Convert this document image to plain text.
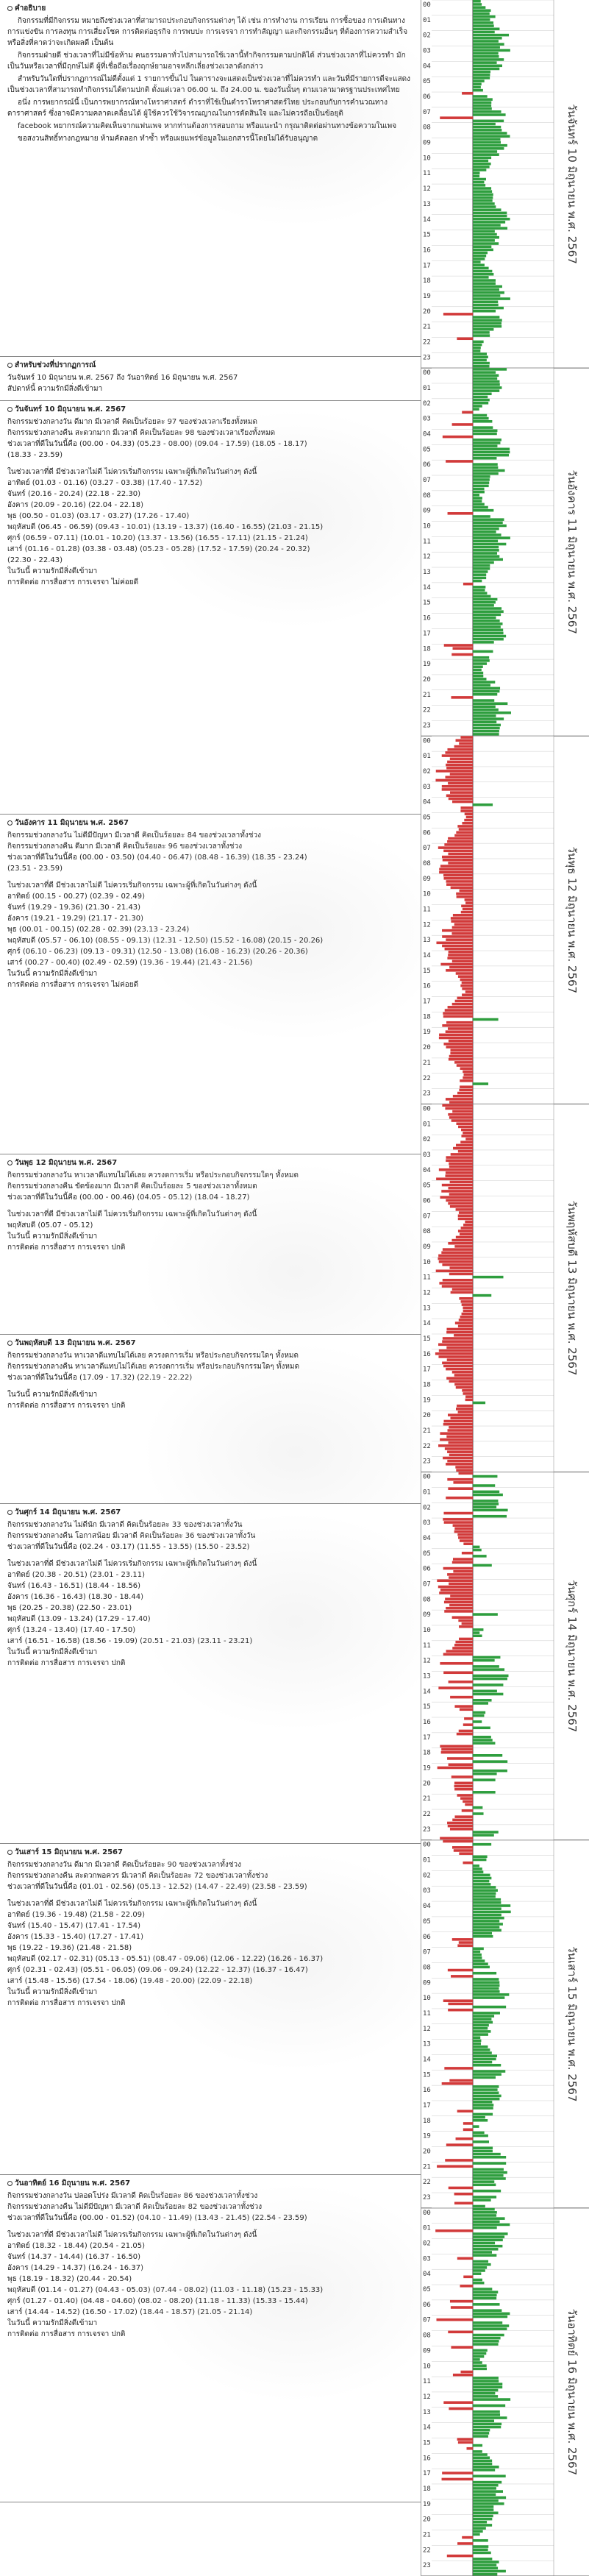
คำอธิบาย

กิจกรรมที่มีกิจกรรม หมายถึงช่วงเวลาที่สามารถประกอบกิจกรรมต่างๆ ได้ เช่น การทำงาน การเรียน การซื้อของ การเดินทาง การแข่งขัน การลงทุน การเสี่ยงโชค การติดต่อธุรกิจ การพบปะ การเจรจา การทำสัญญา และกิจกรรมอื่นๆ ที่ต้องการความสำเร็จ หรือสิ่งที่คาดว่าจะเกิดผลดี เป็นต้น

กิจกรรมฝ่ายดี ช่วงเวลาที่ไม่มีข้อห้าม คนธรรมดาทั่วไปสามารถใช้เวลานี้ทำกิจกรรมตามปกติได้ ส่วนช่วงเวลาที่ไม่ควรทำ มักเป็นวันหรือเวลาที่มีฤกษ์ไม่ดี ผู้ที่เชื่อถือเรื่องฤกษ์ยามอาจหลีกเลี่ยงช่วงเวลาดังกล่าว

สำหรับวันใดที่ปรากฏการณ์ไม่ดีตั้งแต่ 1 รายการขึ้นไป ในตารางจะแสดงเป็นช่วงเวลาที่ไม่ควรทำ และวันที่มีรายการดีจะแสดงเป็นช่วงเวลาที่สามารถทำกิจกรรมได้ตามปกติ ตั้งแต่เวลา 06.00 น. ถึง 24.00 น. ของวันนั้นๆ ตามเวลามาตรฐานประเทศไทย

อนึ่ง การพยากรณ์นี้ เป็นการพยากรณ์ทางโหราศาสตร์ ตำราที่ใช้เป็นตำราโหราศาสตร์ไทย ประกอบกับการคำนวณทางดาราศาสตร์ ซึ่งอาจมีความคลาดเคลื่อนได้ ผู้ใช้ควรใช้วิจารณญาณในการตัดสินใจ และไม่ควรถือเป็นข้อยุติ

facebook พยากรณ์ความคิดเห็นจากแฟนเพจ หากท่านต้องการสอบถาม หรือแนะนำ กรุณาติดต่อผ่านทางข้อความในเพจ

ขอสงวนสิทธิ์ทางกฎหมาย ห้ามคัดลอก ทำซ้ำ หรือเผยแพร่ข้อมูลในเอกสารนี้โดยไม่ได้รับอนุญาต

สำหรับช่วงที่ปรากฏการณ์

วันจันทร์ 10 มิถุนายน พ.ศ. 2567 ถึง วันอาทิตย์ 16 มิถุนายน พ.ศ. 2567

สัปดาห์นี้ ความรักมีสิ่งดีเข้ามา

วันจันทร์ 10 มิถุนายน พ.ศ. 2567

กิจกรรมช่วงกลางวัน ดีมาก มีเวลาดี คิดเป็นร้อยละ 97 ของช่วงเวลาเรียงทั้งหมด

กิจกรรมช่วงกลางคืน สะดวกมาก มีเวลาดี คิดเป็นร้อยละ 98 ของช่วงเวลาเรียงทั้งหมด

ช่วงเวลาที่ดีในวันนี้คือ (00.00 - 04.33) (05.23 - 08.00) (09.04 - 17.59) (18.05 - 18.17)

(18.33 - 23.59)

ในช่วงเวลาที่ดี มีช่วงเวลาไม่ดี ไม่ควรเริ่มกิจกรรม เฉพาะผู้ที่เกิดในวันต่างๆ ดังนี้

อาทิตย์ (01.03 - 01.16) (03.27 - 03.38) (17.40 - 17.52)

จันทร์ (20.16 - 20.24) (22.18 - 22.30)

อังคาร (20.09 - 20.16) (22.04 - 22.18)

พุธ (00.50 - 01.03) (03.17 - 03.27) (17.26 - 17.40)

พฤหัสบดี (06.45 - 06.59) (09.43 - 10.01) (13.19 - 13.37) (16.40 - 16.55) (21.03 - 21.15)

ศุกร์ (06.59 - 07.11) (10.01 - 10.20) (13.37 - 13.56) (16.55 - 17.11) (21.15 - 21.24)

เสาร์ (01.16 - 01.28) (03.38 - 03.48) (05.23 - 05.28) (17.52 - 17.59) (20.24 - 20.32)

(22.30 - 22.43)

ในวันนี้ ความรักมีสิ่งดีเข้ามา

การติดต่อ การสื่อสาร การเจรจา ไม่ค่อยดี

วันอังคาร 11 มิถุนายน พ.ศ. 2567

กิจกรรมช่วงกลางวัน ไม่ดีมีปัญหา มีเวลาดี คิดเป็นร้อยละ 84 ของช่วงเวลาทั้งช่วง

กิจกรรมช่วงกลางคืน ดีมาก มีเวลาดี คิดเป็นร้อยละ 96 ของช่วงเวลาทั้งช่วง

ช่วงเวลาที่ดีในวันนี้คือ (00.00 - 03.50) (04.40 - 06.47) (08.48 - 16.39) (18.35 - 23.24)

(23.51 - 23.59)

ในช่วงเวลาที่ดี มีช่วงเวลาไม่ดี ไม่ควรเริ่มกิจกรรม เฉพาะผู้ที่เกิดในวันต่างๆ ดังนี้

อาทิตย์ (00.15 - 00.27) (02.39 - 02.49)

จันทร์ (19.29 - 19.36) (21.30 - 21.43)

อังคาร (19.21 - 19.29) (21.17 - 21.30)

พุธ (00.01 - 00.15) (02.28 - 02.39) (23.13 - 23.24)

พฤหัสบดี (05.57 - 06.10) (08.55 - 09.13) (12.31 - 12.50) (15.52 - 16.08) (20.15 - 20.26)

ศุกร์ (06.10 - 06.23) (09.13 - 09.31) (12.50 - 13.08) (16.08 - 16.23) (20.26 - 20.36)

เสาร์ (00.27 - 00.40) (02.49 - 02.59) (19.36 - 19.44) (21.43 - 21.56)

ในวันนี้ ความรักมีสิ่งดีเข้ามา

การติดต่อ การสื่อสาร การเจรจา ไม่ค่อยดี

วันพุธ 12 มิถุนายน พ.ศ. 2567

กิจกรรมช่วงกลางวัน หาเวลาดีแทบไม่ได้เลย ควรงดการเริ่ม หรือประกอบกิจกรรมใดๆ ทั้งหมด

กิจกรรมช่วงกลางคืน ขัดข้องมาก มีเวลาดี คิดเป็นร้อยละ 5 ของช่วงเวลาทั้งหมด

ช่วงเวลาที่ดีในวันนี้คือ (00.00 - 00.46) (04.05 - 05.12) (18.04 - 18.27)

ในช่วงเวลาที่ดี มีช่วงเวลาไม่ดี ไม่ควรเริ่มกิจกรรม เฉพาะผู้ที่เกิดในวันต่างๆ ดังนี้

พฤหัสบดี (05.07 - 05.12)

ในวันนี้ ความรักมีสิ่งดีเข้ามา

การติดต่อ การสื่อสาร การเจรจา ปกติ

วันพฤหัสบดี 13 มิถุนายน พ.ศ. 2567

กิจกรรมช่วงกลางวัน หาเวลาดีแทบไม่ได้เลย ควรงดการเริ่ม หรือประกอบกิจกรรมใดๆ ทั้งหมด

กิจกรรมช่วงกลางคืน หาเวลาดีแทบไม่ได้เลย ควรงดการเริ่ม หรือประกอบกิจกรรมใดๆ ทั้งหมด

ช่วงเวลาที่ดีในวันนี้คือ (17.09 - 17.32) (22.19 - 22.22)

ในวันนี้ ความรักมีสิ่งดีเข้ามา

การติดต่อ การสื่อสาร การเจรจา ปกติ

วันศุกร์ 14 มิถุนายน พ.ศ. 2567

กิจกรรมช่วงกลางวัน ไม่ดีนัก มีเวลาดี คิดเป็นร้อยละ 33 ของช่วงเวลาทั้งวัน

กิจกรรมช่วงกลางคืน โอกาสน้อย มีเวลาดี คิดเป็นร้อยละ 36 ของช่วงเวลาทั้งวัน

ช่วงเวลาที่ดีในวันนี้คือ (02.24 - 03.17) (11.55 - 13.55) (15.50 - 23.52)

ในช่วงเวลาที่ดี มีช่วงเวลาไม่ดี ไม่ควรเริ่มกิจกรรม เฉพาะผู้ที่เกิดในวันต่างๆ ดังนี้

อาทิตย์ (20.38 - 20.51) (23.01 - 23.11)

จันทร์ (16.43 - 16.51) (18.44 - 18.56)

อังคาร (16.36 - 16.43) (18.30 - 18.44)

พุธ (20.25 - 20.38) (22.50 - 23.01)

พฤหัสบดี (13.09 - 13.24) (17.29 - 17.40)

ศุกร์ (13.24 - 13.40) (17.40 - 17.50)

เสาร์ (16.51 - 16.58) (18.56 - 19.09) (20.51 - 21.03) (23.11 - 23.21)

ในวันนี้ ความรักมีสิ่งดีเข้ามา

การติดต่อ การสื่อสาร การเจรจา ปกติ

วันเสาร์ 15 มิถุนายน พ.ศ. 2567

กิจกรรมช่วงกลางวัน ดีมาก มีเวลาดี คิดเป็นร้อยละ 90 ของช่วงเวลาทั้งช่วง

กิจกรรมช่วงกลางคืน สะดวกพอควร มีเวลาดี คิดเป็นร้อยละ 72 ของช่วงเวลาทั้งช่วง

ช่วงเวลาที่ดีในวันนี้คือ (01.01 - 02.56) (05.13 - 12.52) (14.47 - 22.49) (23.58 - 23.59)

ในช่วงเวลาที่ดี มีช่วงเวลาไม่ดี ไม่ควรเริ่มกิจกรรม เฉพาะผู้ที่เกิดในวันต่างๆ ดังนี้

อาทิตย์ (19.36 - 19.48) (21.58 - 22.09)

จันทร์ (15.40 - 15.47) (17.41 - 17.54)

อังคาร (15.33 - 15.40) (17.27 - 17.41)

พุธ (19.22 - 19.36) (21.48 - 21.58)

พฤหัสบดี (02.17 - 02.31) (05.13 - 05.51) (08.47 - 09.06) (12.06 - 12.22) (16.26 - 16.37)

ศุกร์ (02.31 - 02.43) (05.51 - 06.05) (09.06 - 09.24) (12.22 - 12.37) (16.37 - 16.47)

เสาร์ (15.48 - 15.56) (17.54 - 18.06) (19.48 - 20.00) (22.09 - 22.18)

ในวันนี้ ความรักมีสิ่งดีเข้ามา

การติดต่อ การสื่อสาร การเจรจา ปกติ

วันอาทิตย์ 16 มิถุนายน พ.ศ. 2567

กิจกรรมช่วงกลางวัน ปลอดโปร่ง มีเวลาดี คิดเป็นร้อยละ 86 ของช่วงเวลาทั้งช่วง

กิจกรรมช่วงกลางคืน ไม่ดีมีปัญหา มีเวลาดี คิดเป็นร้อยละ 82 ของช่วงเวลาทั้งช่วง

ช่วงเวลาที่ดีในวันนี้คือ (00.00 - 01.52) (04.10 - 11.49) (13.43 - 21.45) (22.54 - 23.59)

ในช่วงเวลาที่ดี มีช่วงเวลาไม่ดี ไม่ควรเริ่มกิจกรรม เฉพาะผู้ที่เกิดในวันต่างๆ ดังนี้

อาทิตย์ (18.32 - 18.44) (20.54 - 21.05)

จันทร์ (14.37 - 14.44) (16.37 - 16.50)

อังคาร (14.29 - 14.37) (16.24 - 16.37)

พุธ (18.19 - 18.32) (20.44 - 20.54)

พฤหัสบดี (01.14 - 01.27) (04.43 - 05.03) (07.44 - 08.02) (11.03 - 11.18) (15.23 - 15.33)

ศุกร์ (01.27 - 01.40) (04.48 - 04.60) (08.02 - 08.20) (11.18 - 11.33) (15.33 - 15.44)

เสาร์ (14.44 - 14.52) (16.50 - 17.02) (18.44 - 18.57) (21.05 - 21.14)

ในวันนี้ ความรักมีสิ่งดีเข้ามา

การติดต่อ การสื่อสาร การเจรจา ปกติ

00
01
02
03
04
05
06
07
08
09
10
11
12
13
14
15
16
17
18
19
20
21
22
23
วันจันทร์ 10 มิถุนายน พ.ศ. 2567
00
01
02
03
04
05
06
07
08
09
10
11
12
13
14
15
16
17
18
19
20
21
22
23
วันอังคาร 11 มิถุนายน พ.ศ. 2567
00
01
02
03
04
05
06
07
08
09
10
11
12
13
14
15
16
17
18
19
20
21
22
23
วันพุธ 12 มิถุนายน พ.ศ. 2567
00
01
02
03
04
05
06
07
08
09
10
11
12
13
14
15
16
17
18
19
20
21
22
23
วันพฤหัสบดี 13 มิถุนายน พ.ศ. 2567
00
01
02
03
04
05
06
07
08
09
10
11
12
13
14
15
16
17
18
19
20
21
22
23
วันศุกร์ 14 มิถุนายน พ.ศ. 2567
00
01
02
03
04
05
06
07
08
09
10
11
12
13
14
15
16
17
18
19
20
21
22
23
วันเสาร์ 15 มิถุนายน พ.ศ. 2567
00
01
02
03
04
05
06
07
08
09
10
11
12
13
14
15
16
17
18
19
20
21
22
23
วันอาทิตย์ 16 มิถุนายน พ.ศ. 2567
